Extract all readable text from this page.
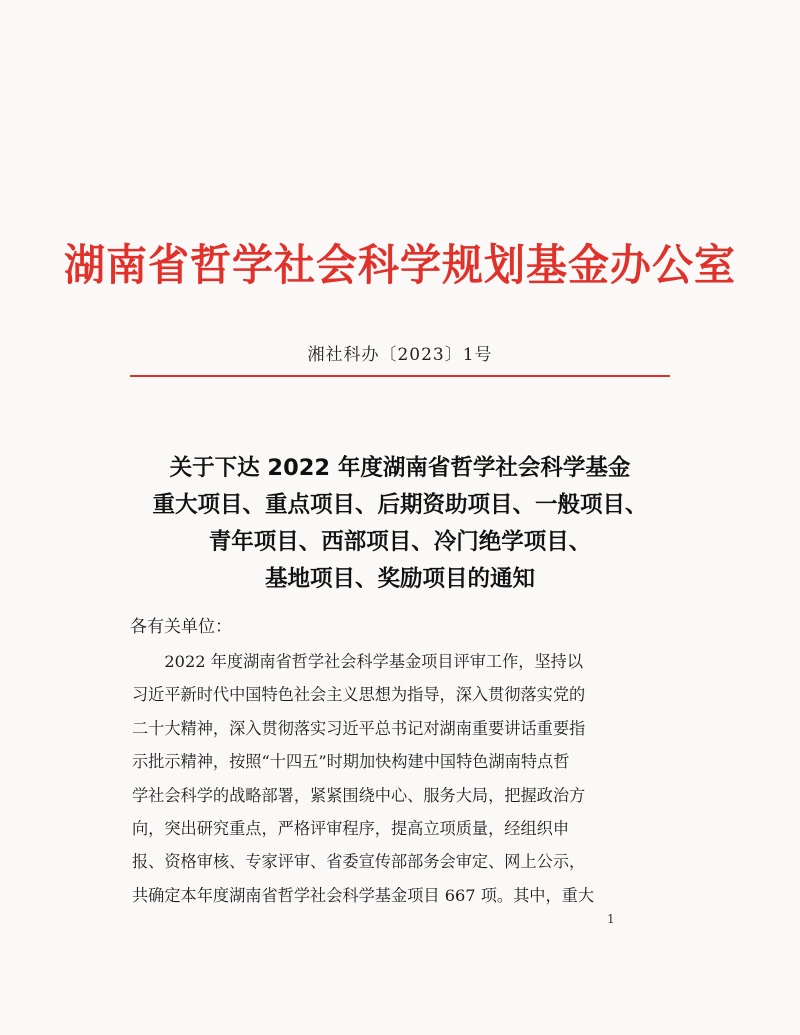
湖南省哲学社会科学规划基金办公室
湘社科办〔2023〕1号
关于下达 2022 年度湖南省哲学社会科学基金
重大项目、重点项目、后期资助项目、一般项目、
青年项目、西部项目、冷门绝学项目、
基地项目、奖励项目的通知
各有关单位：
　　2022 年度湖南省哲学社会科学基金项目评审工作，坚持以
习近平新时代中国特色社会主义思想为指导，深入贯彻落实党的
二十大精神，深入贯彻落实习近平总书记对湖南重要讲话重要指
示批示精神，按照“十四五”时期加快构建中国特色湖南特点哲
学社会科学的战略部署，紧紧围绕中心、服务大局，把握政治方
向，突出研究重点，严格评审程序，提高立项质量，经组织申
报、资格审核、专家评审、省委宣传部部务会审定、网上公示，
共确定本年度湖南省哲学社会科学基金项目 667 项。其中，重大
1
